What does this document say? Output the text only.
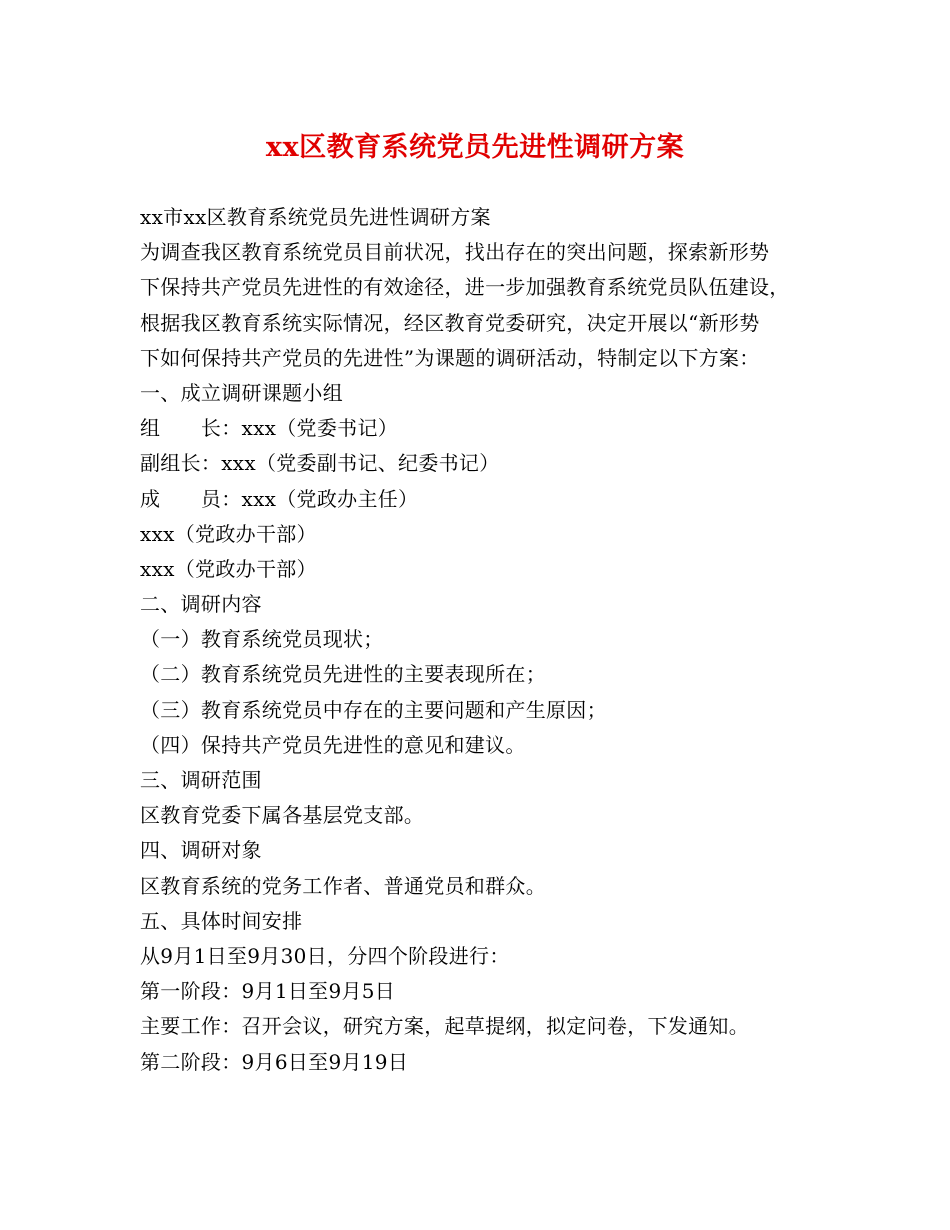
xx区教育系统党员先进性调研方案
xx市xx区教育系统党员先进性调研方案
为调查我区教育系统党员目前状况，找出存在的突出问题，探索新形势
下保持共产党员先进性的有效途径，进一步加强教育系统党员队伍建设，
根据我区教育系统实际情况，经区教育党委研究，决定开展以“新形势
下如何保持共产党员的先进性”为课题的调研活动，特制定以下方案：
一、成立调研课题小组
组　　长：xxx（党委书记）
副组长：xxx（党委副书记、纪委书记）
成　　员：xxx（党政办主任）
xxx（党政办干部）
xxx（党政办干部）
二、调研内容
（一）教育系统党员现状；
（二）教育系统党员先进性的主要表现所在；
（三）教育系统党员中存在的主要问题和产生原因；
（四）保持共产党员先进性的意见和建议。
三、调研范围
区教育党委下属各基层党支部。
四、调研对象
区教育系统的党务工作者、普通党员和群众。
五、具体时间安排
从9月1日至9月30日，分四个阶段进行：
第一阶段：9月1日至9月5日
主要工作：召开会议，研究方案，起草提纲，拟定问卷，下发通知。
第二阶段：9月6日至9月19日
